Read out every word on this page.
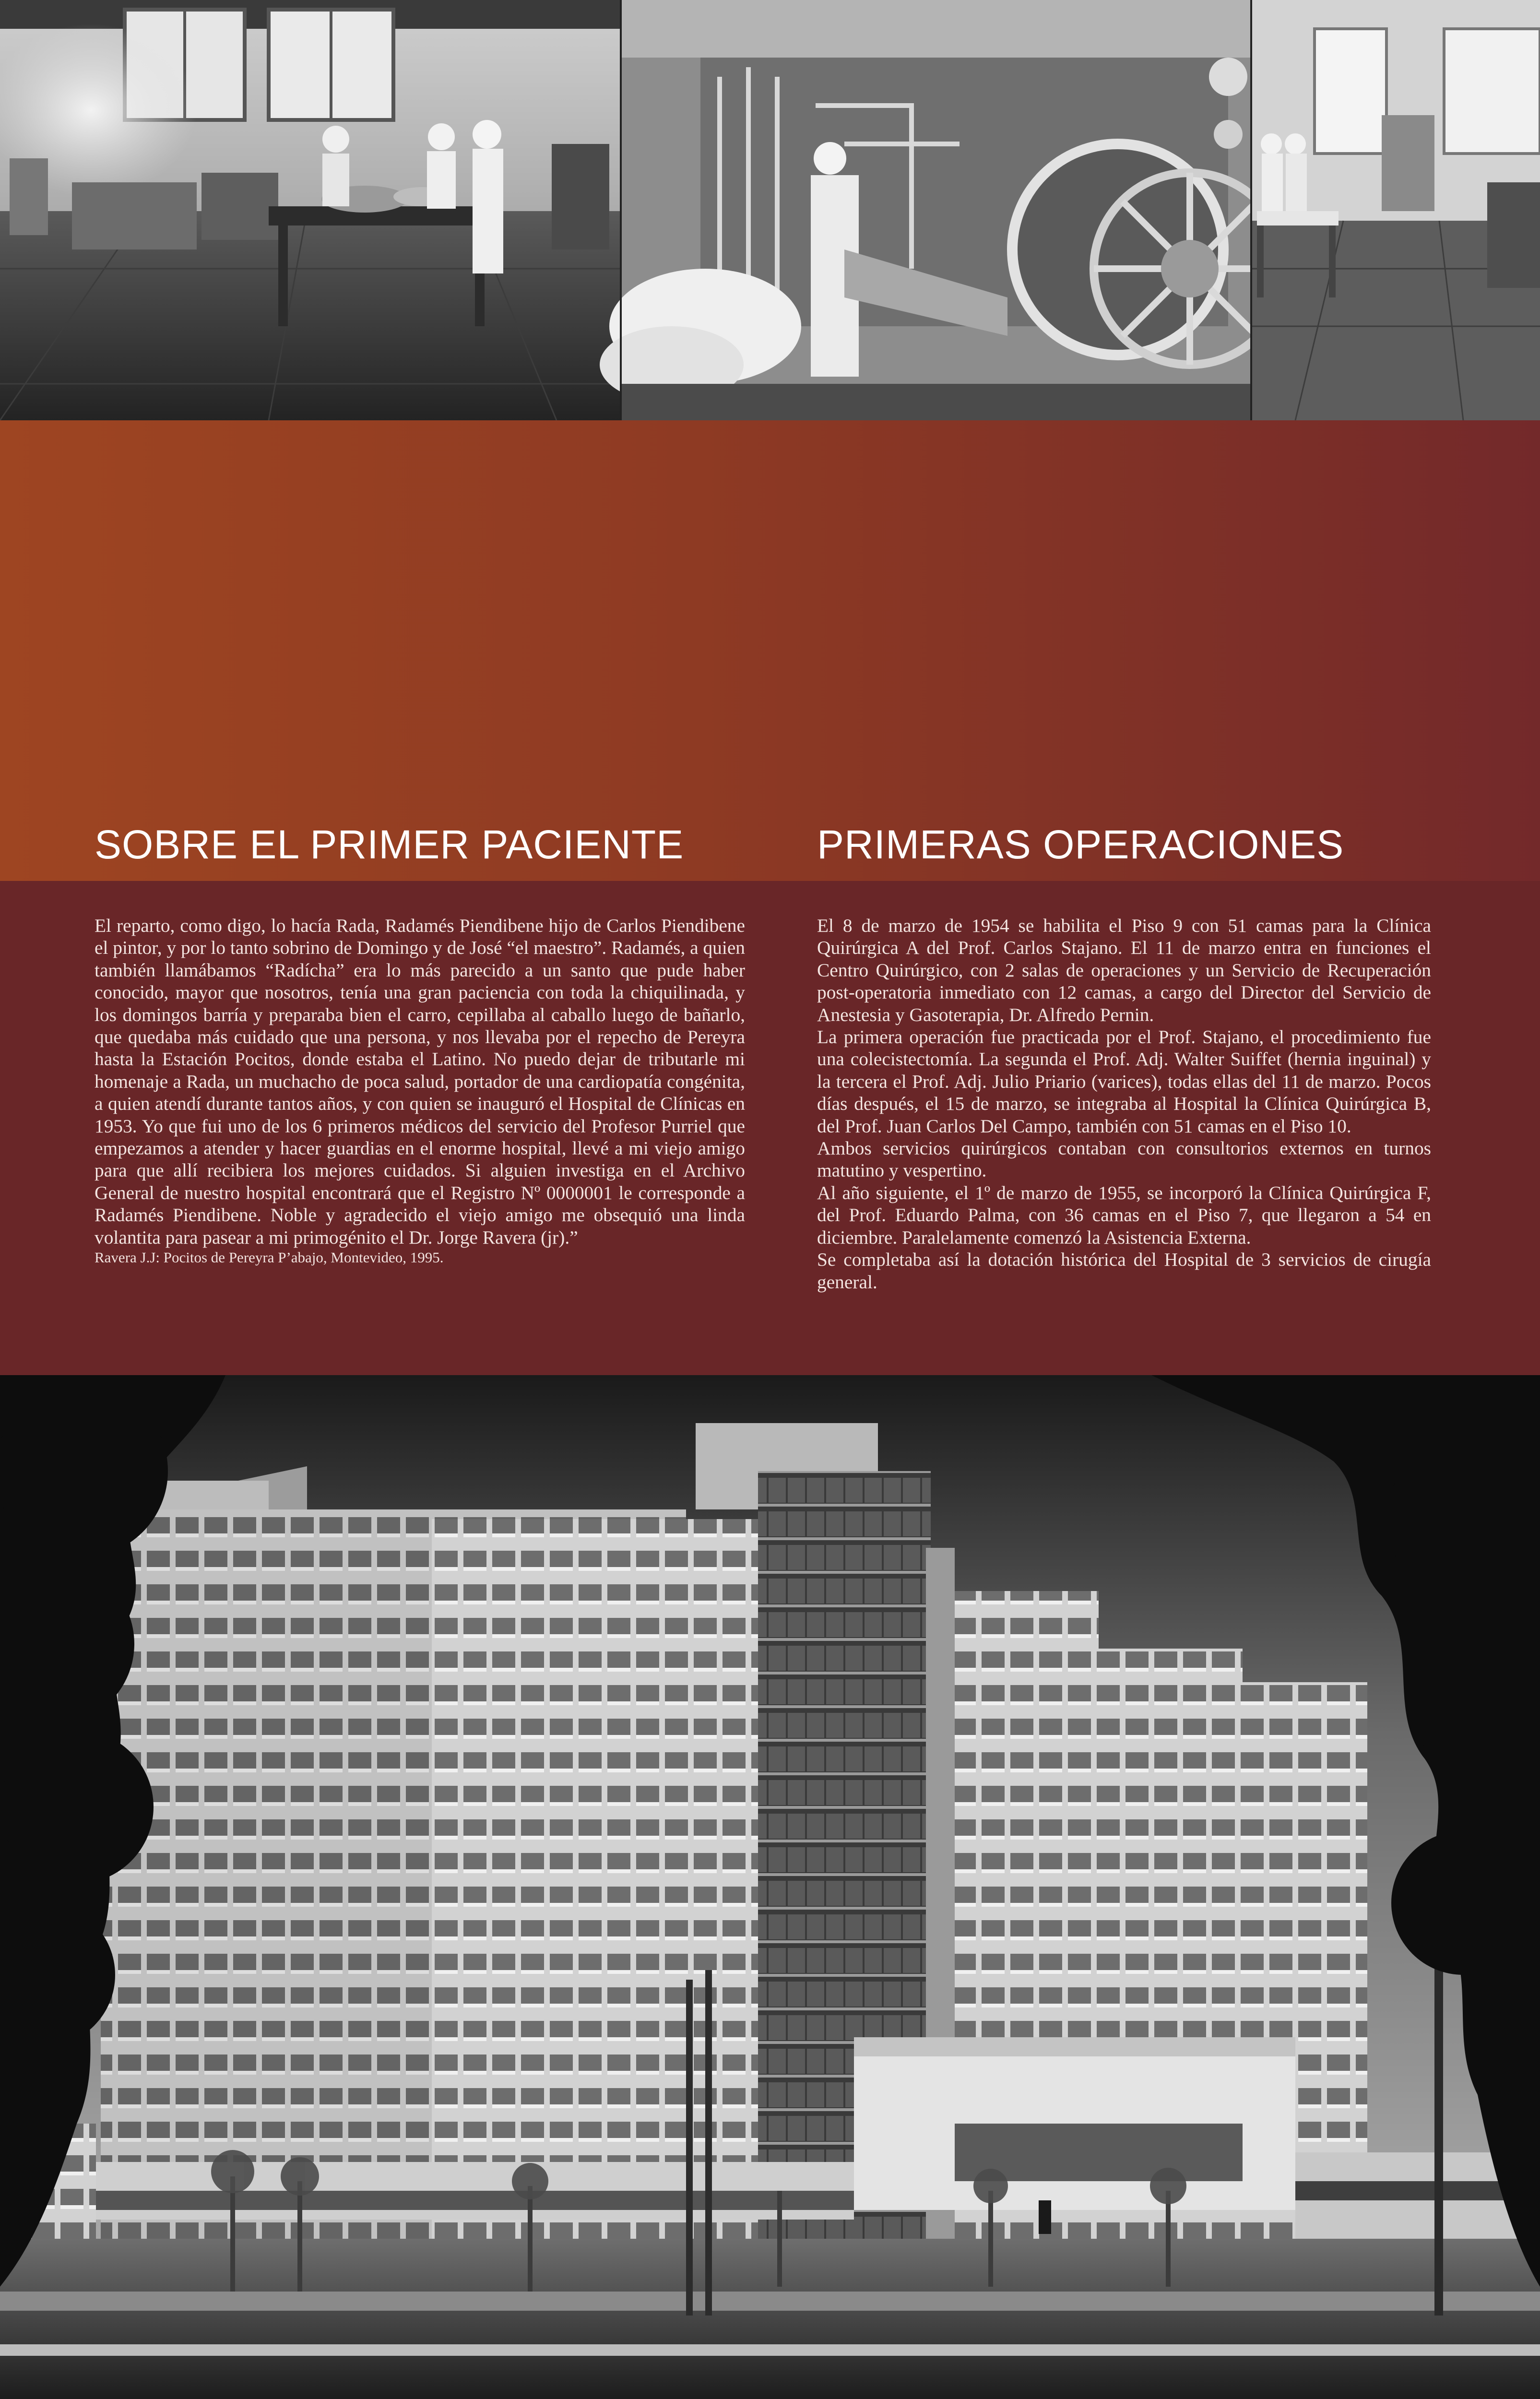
SOBRE EL PRIMER PACIENTE	PRIMERAS OPERACIONES

El reparto, como digo, lo hacía Rada, Radamés Piendibene hijo de Carlos Piendibene el pintor, y por lo tanto sobrino de Domingo y de José “el maestro”. Radamés, a quien también llamábamos “Radícha” era lo más parecido a un santo que pude haber conocido, mayor que nosotros, tenía una gran paciencia con toda la chiquilinada, y los domingos barría y preparaba bien el carro, cepillaba al caballo luego de bañarlo, que quedaba más cuidado que una persona, y nos llevaba por el repecho de Pereyra hasta la Estación Pocitos, donde estaba el Latino. No puedo dejar de tributarle mi homenaje a Rada, un muchacho de poca salud, portador de una cardiopatía congénita, a quien atendí durante tantos años, y con quien se inauguró el Hospital de Clínicas en 1953. Yo que fui uno de los 6 primeros médicos del servicio del Profesor Purriel que empezamos a atender y hacer guardias en el enorme hospital, llevé a mi viejo amigo para que allí recibiera los mejores cuidados. Si alguien investiga en el Archivo General de nuestro hospital encontrará que el Registro Nº 0000001 le corresponde a Radamés Piendibene. Noble y agradecido el viejo amigo me obsequió una linda volantita para pasear a mi primogénito el Dr. Jorge Ravera (jr).”

Ravera J.J: Pocitos de Pereyra P’abajo, Montevideo, 1995.

El 8 de marzo de 1954 se habilita el Piso 9 con 51 camas para la Clínica Quirúrgica A del Prof. Carlos Stajano. El 11 de marzo entra en funciones el Centro Quirúrgico, con 2 salas de operaciones y un Servicio de Recuperación post-operatoria inmediato con 12 camas, a cargo del Director del Servicio de Anestesia y Gasoterapia, Dr. Alfredo Pernin.

La primera operación fue practicada por el Prof. Stajano, el procedimiento fue una colecistectomía. La segunda el Prof. Adj. Walter Suiffet (hernia inguinal) y la tercera el Prof. Adj. Julio Priario (varices), todas ellas del 11 de marzo. Pocos días después, el 15 de marzo, se integraba al Hospital la Clínica Quirúrgica B, del Prof. Juan Carlos Del Campo, también con 51 camas en el Piso 10.

Ambos servicios quirúrgicos contaban con consultorios externos en turnos matutino y vespertino.

Al año siguiente, el 1º de marzo de 1955, se incorporó la Clínica Quirúrgica F, del Prof. Eduardo Palma, con 36 camas en el Piso 7, que llegaron a 54 en diciembre. Paralelamente comenzó la Asistencia Externa.

Se completaba así la dotación histórica del Hospital de 3 servicios de cirugía general.
